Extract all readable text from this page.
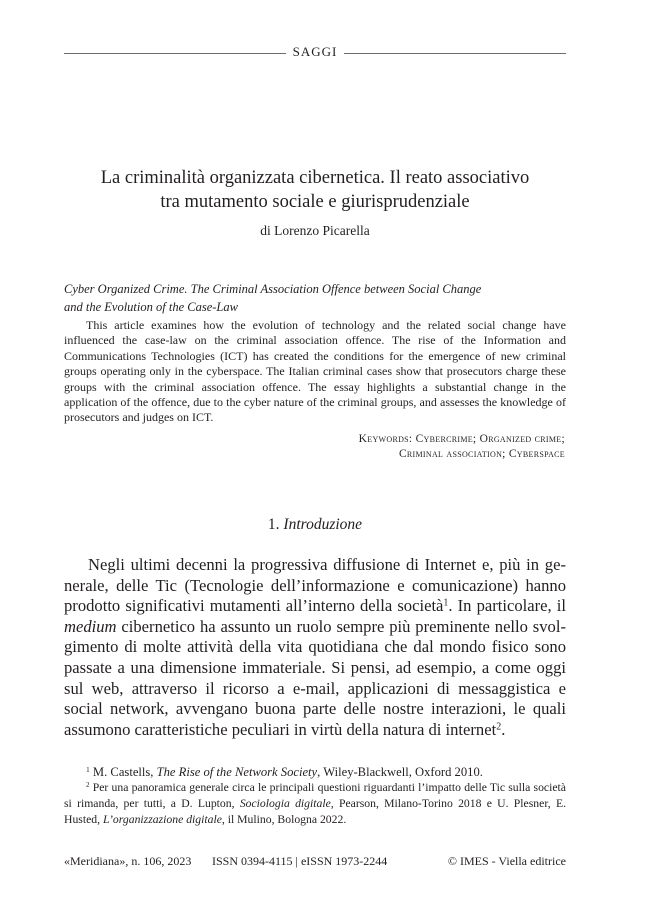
SAGGI
La criminalità organizzata cibernetica. Il reato associativo
tra mutamento sociale e giurisprudenziale
di Lorenzo Picarella
Cyber Organized Crime. The Criminal Association Offence between Social Change
and the Evolution of the Case-Law

This article examines how the evolution of technology and the related social change have influenced the case-law on the criminal association offence. The rise of the Information and Communications Technologies (ICT) has created the conditions for the emergence of new criminal groups operating only in the cyberspace. The Italian criminal cases show that prosecutors charge these groups with the criminal association offence. The essay highlights a substantial change in the application of the offence, due to the cyber nature of the criminal groups, and assesses the knowledge of prosecutors and judges on ICT.

Keywords: Cybercrime; Organized crime;
Criminal association; Cyberspace
1. Introduzione

Negli ultimi decenni la progressiva diffusione di Internet e, più in generale, delle Tic (Tecnologie dell’informazione e comunicazione) hanno prodotto significativi mutamenti all’interno della società$^1$. In particolare, il medium cibernetico ha assunto un ruolo sempre più preminente nello svolgimento di molte attività della vita quotidiana che dal mondo fisico sono passate a una dimensione immateriale. Si pensi, ad esempio, a come oggi sul web, attraverso il ricorso a e-mail, applicazioni di messaggistica e social network, avvengano buona parte delle nostre interazioni, le quali assumono caratteristiche peculiari in virtù della natura di internet$^2$.

$^1$ M. Castells, The Rise of the Network Society, Wiley-Blackwell, Oxford 2010.

$^2$ Per una panoramica generale circa le principali questioni riguardanti l’impatto delle Tic sulla società si rimanda, per tutti, a D. Lupton, Sociologia digitale, Pearson, Milano-Torino 2018 e U. Plesner, E. Husted, L’organizzazione digitale, il Mulino, Bologna 2022.

«Meridiana», n. 106, 2023 ISSN 0394-4115 | eISSN 1973-2244	© IMES - Viella editrice
